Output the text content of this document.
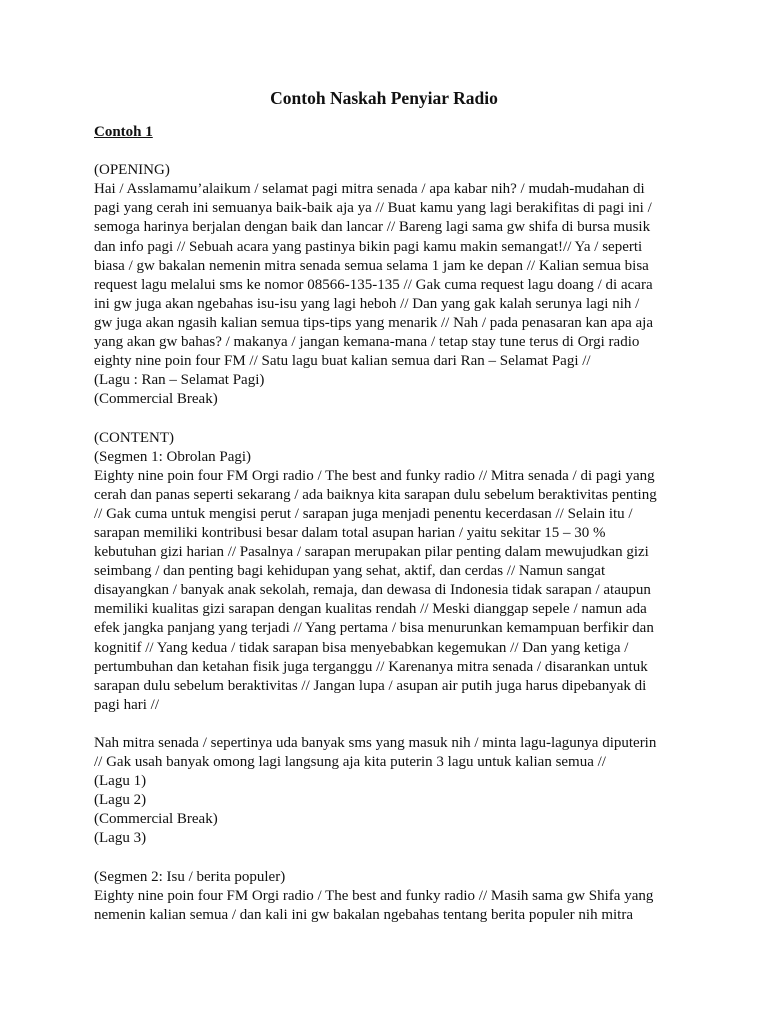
Contoh Naskah Penyiar Radio
Contoh 1
(OPENING)
Hai / Asslamamu’alaikum / selamat pagi mitra senada / apa kabar nih? / mudah-mudahan di
pagi yang cerah ini semuanya baik-baik aja ya // Buat kamu yang lagi berakifitas di pagi ini /
semoga harinya berjalan dengan baik dan lancar // Bareng lagi sama gw shifa di bursa musik
dan info pagi // Sebuah acara yang pastinya bikin pagi kamu makin semangat!// Ya / seperti
biasa / gw bakalan nemenin mitra senada semua selama 1 jam ke depan // Kalian semua bisa
request lagu melalui sms ke nomor 08566-135-135 // Gak cuma request lagu doang / di acara
ini gw juga akan ngebahas isu-isu yang lagi heboh // Dan yang gak kalah serunya lagi nih /
gw juga akan ngasih kalian semua tips-tips yang menarik // Nah / pada penasaran kan apa aja
yang akan gw bahas? / makanya / jangan kemana-mana / tetap stay tune terus di Orgi radio
eighty nine poin four FM // Satu lagu buat kalian semua dari Ran – Selamat Pagi //
(Lagu : Ran – Selamat Pagi)
(Commercial Break)
(CONTENT)
(Segmen 1: Obrolan Pagi)
Eighty nine poin four FM Orgi radio / The best and funky radio // Mitra senada / di pagi yang
cerah dan panas seperti sekarang / ada baiknya kita sarapan dulu sebelum beraktivitas penting
// Gak cuma untuk mengisi perut / sarapan juga menjadi penentu kecerdasan // Selain itu /
sarapan memiliki kontribusi besar dalam total asupan harian / yaitu sekitar 15 – 30 %
kebutuhan gizi harian // Pasalnya / sarapan merupakan pilar penting dalam mewujudkan gizi
seimbang / dan penting bagi kehidupan yang sehat, aktif, dan cerdas // Namun sangat
disayangkan / banyak anak sekolah, remaja, dan dewasa di Indonesia tidak sarapan / ataupun
memiliki kualitas gizi sarapan dengan kualitas rendah // Meski dianggap sepele / namun ada
efek jangka panjang yang terjadi // Yang pertama / bisa menurunkan kemampuan berfikir dan
kognitif // Yang kedua / tidak sarapan bisa menyebabkan kegemukan // Dan yang ketiga /
pertumbuhan dan ketahan fisik juga terganggu // Karenanya mitra senada / disarankan untuk
sarapan dulu sebelum beraktivitas // Jangan lupa / asupan air putih juga harus dipebanyak di
pagi hari //
Nah mitra senada / sepertinya uda banyak sms yang masuk nih / minta lagu-lagunya diputerin
// Gak usah banyak omong lagi langsung aja kita puterin 3 lagu untuk kalian semua //
(Lagu 1)
(Lagu 2)
(Commercial Break)
(Lagu 3)
(Segmen 2: Isu / berita populer)
Eighty nine poin four FM Orgi radio / The best and funky radio // Masih sama gw Shifa yang
nemenin kalian semua / dan kali ini gw bakalan ngebahas tentang berita populer nih mitra
